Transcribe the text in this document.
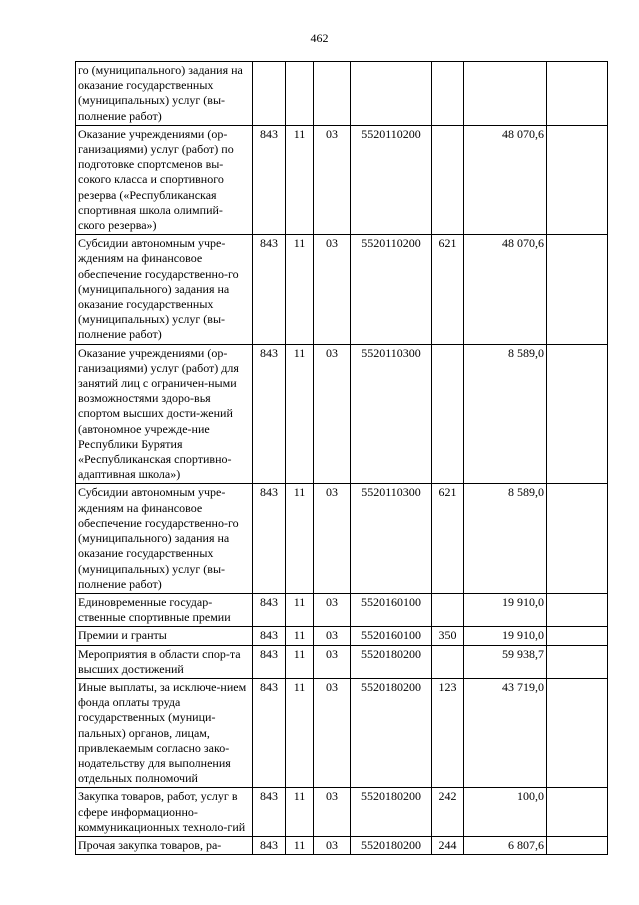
462
го (муниципального) задания на оказание государственных (муниципальных) услуг (вы-полнение работ)							
Оказание учреждениями (ор-ганизациями) услуг (работ) по подготовке спортсменов вы-сокого класса и спортивного резерва («Республиканская спортивная школа олимпий-ского резерва»)	843	11	03	5520110200		48 070,6	
Субсидии автономным учре-ждениям на финансовое обеспечение государственно-го (муниципального) задания на оказание государственных (муниципальных) услуг (вы-полнение работ)	843	11	03	5520110200	621	48 070,6	
Оказание учреждениями (ор-ганизациями) услуг (работ) для занятий лиц с ограничен-ными возможностями здоро-вья спортом высших дости-жений (автономное учрежде-ние Республики Бурятия «Республиканская спортивно-адаптивная школа»)	843	11	03	5520110300		8 589,0	
Субсидии автономным учре-ждениям на финансовое обеспечение государственно-го (муниципального) задания на оказание государственных (муниципальных) услуг (вы-полнение работ)	843	11	03	5520110300	621	8 589,0	
Единовременные государ-ственные спортивные премии	843	11	03	5520160100		19 910,0	
Премии и гранты	843	11	03	5520160100	350	19 910,0	
Мероприятия в области спор-та высших достижений	843	11	03	5520180200		59 938,7	
Иные выплаты, за исключе-нием фонда оплаты труда государственных (муници-пальных) органов, лицам, привлекаемым согласно зако-нодательству для выполнения отдельных полномочий	843	11	03	5520180200	123	43 719,0	
Закупка товаров, работ, услуг в сфере информационно-коммуникационных техноло-гий	843	11	03	5520180200	242	100,0	
Прочая закупка товаров, ра-	843	11	03	5520180200	244	6 807,6	
